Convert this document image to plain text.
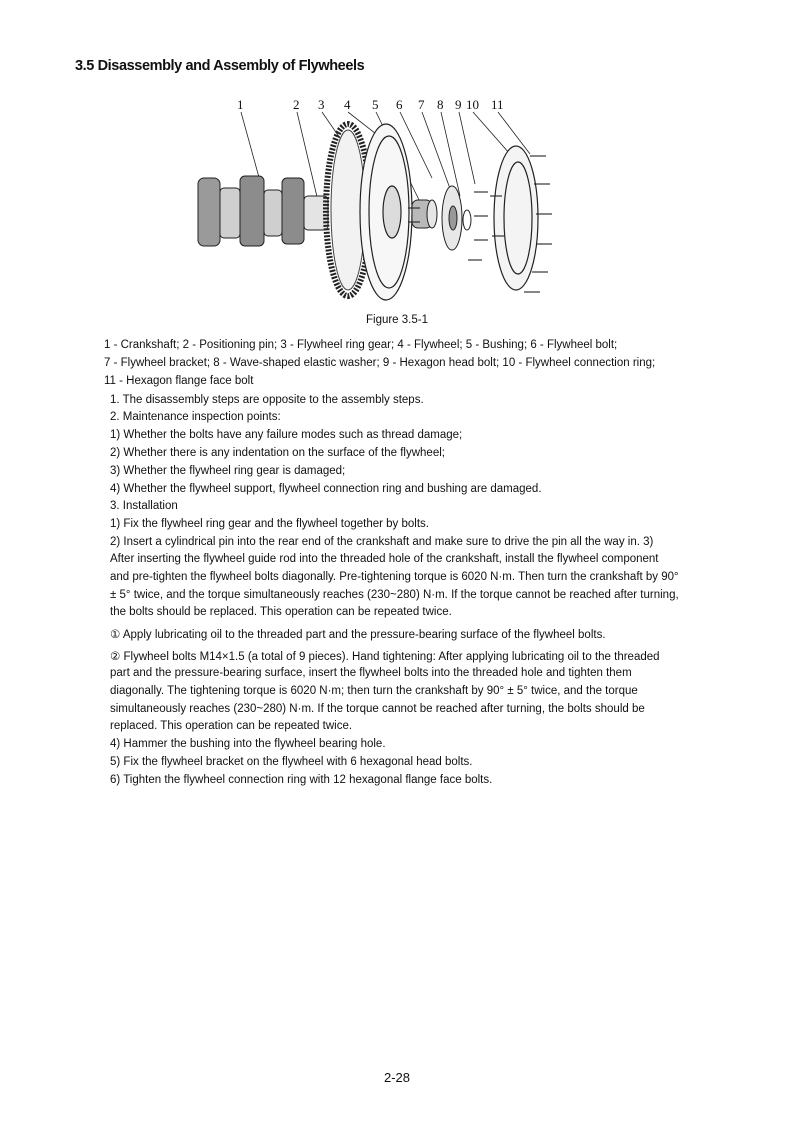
3.5 Disassembly and Assembly of Flywheels
1	2 3 4 5 6 7 8 9 10 11
Figure 3.5-1
1 - Crankshaft; 2 - Positioning pin; 3 - Flywheel ring gear; 4 - Flywheel; 5 - Bushing; 6 - Flywheel bolt;
7 - Flywheel bracket; 8 - Wave-shaped elastic washer; 9 - Hexagon head bolt; 10 - Flywheel connection ring;
11 - Hexagon flange face bolt
1. The disassembly steps are opposite to the assembly steps.
2. Maintenance inspection points:
1) Whether the bolts have any failure modes such as thread damage;
2) Whether there is any indentation on the surface of the flywheel;
3) Whether the flywheel ring gear is damaged;
4) Whether the flywheel support, flywheel connection ring and bushing are damaged.
3. Installation
1) Fix the flywheel ring gear and the flywheel together by bolts.
2) Insert a cylindrical pin into the rear end of the crankshaft and make sure to drive the pin all the way in. 3)
After inserting the flywheel guide rod into the threaded hole of the crankshaft, install the flywheel component
and pre-tighten the flywheel bolts diagonally. Pre-tightening torque is 6020 N·m. Then turn the crankshaft by 90°
± 5° twice, and the torque simultaneously reaches (230~280) N·m. If the torque cannot be reached after turning,
the bolts should be replaced. This operation can be repeated twice.
① Apply lubricating oil to the threaded part and the pressure-bearing surface of the flywheel bolts.
② Flywheel bolts M14×1.5 (a total of 9 pieces). Hand tightening: After applying lubricating oil to the threaded
part and the pressure-bearing surface, insert the flywheel bolts into the threaded hole and tighten them
diagonally. The tightening torque is 6020 N·m; then turn the crankshaft by 90° ± 5° twice, and the torque
simultaneously reaches (230~280) N·m. If the torque cannot be reached after turning, the bolts should be
replaced. This operation can be repeated twice.
4) Hammer the bushing into the flywheel bearing hole.
5) Fix the flywheel bracket on the flywheel with 6 hexagonal head bolts.
6) Tighten the flywheel connection ring with 12 hexagonal flange face bolts.
2-28
